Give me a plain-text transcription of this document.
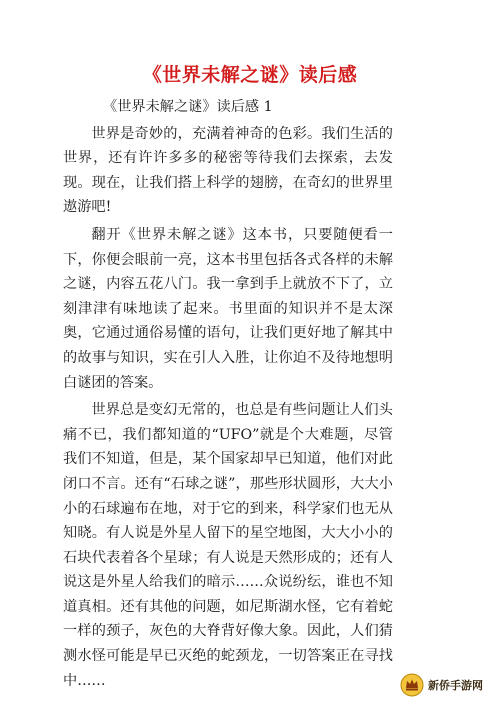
《世界未解之谜》读后感
《世界未解之谜》读后感 1

世界是奇妙的，充满着神奇的色彩。我们生活的世界，还有许许多多的秘密等待我们去探索，去发现。现在，让我们搭上科学的翅膀，在奇幻的世界里遨游吧!

翻开《世界未解之谜》这本书，只要随便看一下，你便会眼前一亮，这本书里包括各式各样的未解之谜，内容五花八门。我一拿到手上就放不下了，立刻津津有味地读了起来。书里面的知识并不是太深奥，它通过通俗易懂的语句，让我们更好地了解其中的故事与知识，实在引人入胜，让你迫不及待地想明白谜团的答案。

世界总是变幻无常的，也总是有些问题让人们头痛不已，我们都知道的“UFO”就是个大难题，尽管我们不知道，但是，某个国家却早已知道，他们对此闭口不言。还有“石球之谜”，那些形状圆形，大大小小的石球遍布在地，对于它的到来，科学家们也无从知晓。有人说是外星人留下的星空地图，大大小小的石块代表着各个星球；有人说是天然形成的；还有人说这是外星人给我们的暗示……众说纷纭，谁也不知道真相。还有其他的问题，如尼斯湖水怪，它有着蛇一样的颈子，灰色的大脊背好像大象。因此，人们猜测水怪可能是早已灭绝的蛇颈龙，一切答案正在寻找中……	新侨手游网
